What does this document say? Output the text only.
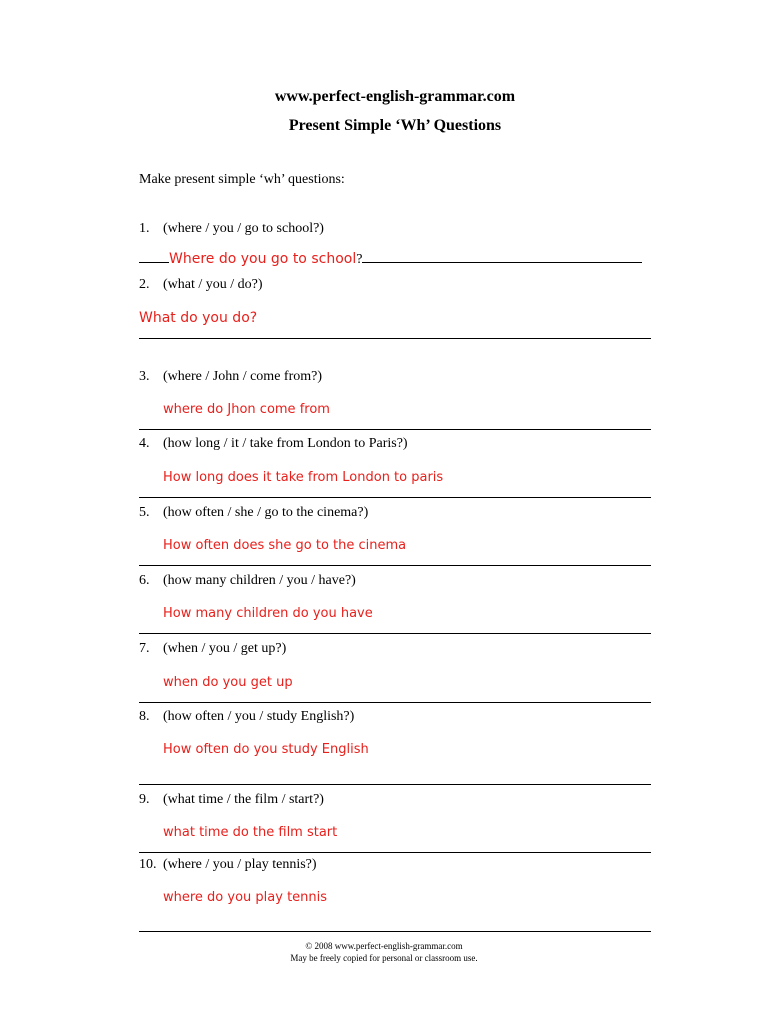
www.perfect-english-grammar.com
Present Simple ‘Wh’ Questions
Make present simple ‘wh’ questions:
1. (where / you / go to school?)
Where do you go to school?
2. (what / you / do?)
What do you do?
3. (where / John / come from?)
where do Jhon come from
4. (how long / it / take from London to Paris?)
How long does it take from London to paris
5. (how often / she / go to the cinema?)
How often does she go to the cinema
6. (how many children / you / have?)
How many children do you have
7. (when / you / get up?)
when do you get up
8. (how often / you / study English?)
How often do you study English
9. (what time / the film / start?)
what time do the film start
10. (where / you / play tennis?)
where do you play tennis
© 2008 www.perfect-english-grammar.com
May be freely copied for personal or classroom use.
